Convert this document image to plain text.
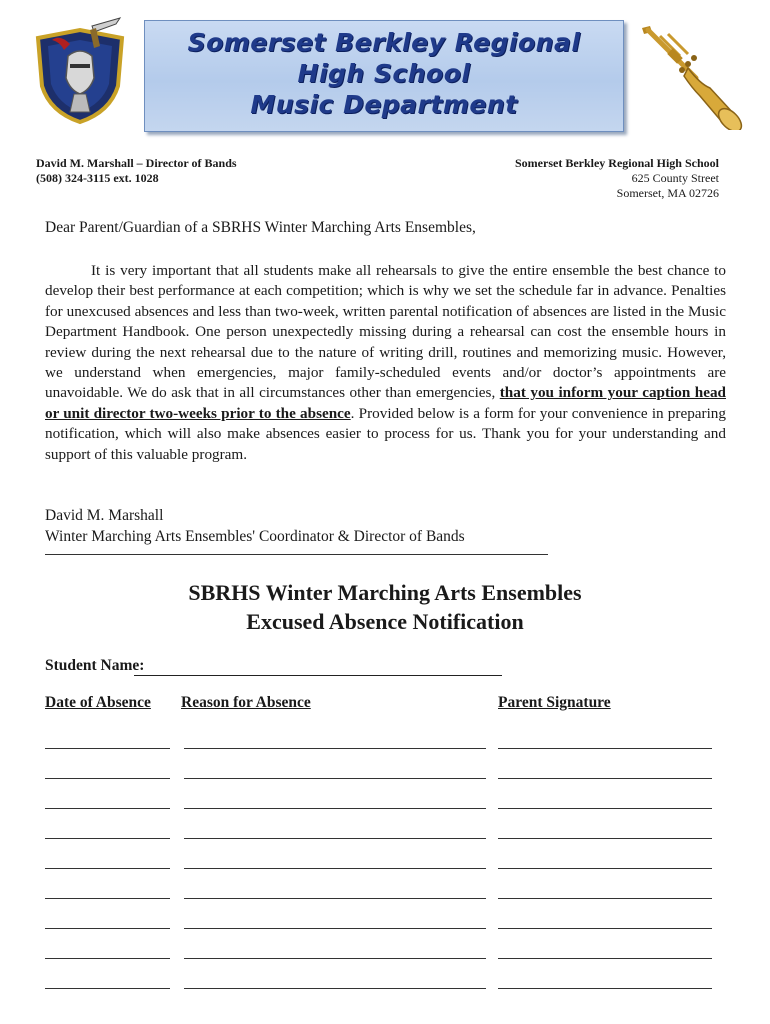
Somerset Berkley Regional
High School
Music Department
David M. Marshall – Director of Bands
(508) 324-3115 ext. 1028
Somerset Berkley Regional High School
625 County Street
Somerset, MA 02726
Dear Parent/Guardian of a SBRHS Winter Marching Arts Ensembles,
It is very important that all students make all rehearsals to give the entire ensemble the best chance to develop their best performance at each competition; which is why we set the schedule far in advance. Penalties for unexcused absences and less than two-week, written parental notification of absences are listed in the Music Department Handbook. One person unexpectedly missing during a rehearsal can cost the ensemble hours in review during the next rehearsal due to the nature of writing drill, routines and memorizing music. However, we understand when emergencies, major family-scheduled events and/or doctor’s appointments are unavoidable. We do ask that in all circumstances other than emergencies, that you inform your caption head or unit director two-weeks prior to the absence. Provided below is a form for your convenience in preparing notification, which will also make absences easier to process for us. Thank you for your understanding and support of this valuable program.
David M. Marshall
Winter Marching Arts Ensembles' Coordinator & Director of Bands
SBRHS Winter Marching Arts Ensembles
Excused Absence Notification
Student Name:
Date of Absence Reason for Absence	Parent Signature
